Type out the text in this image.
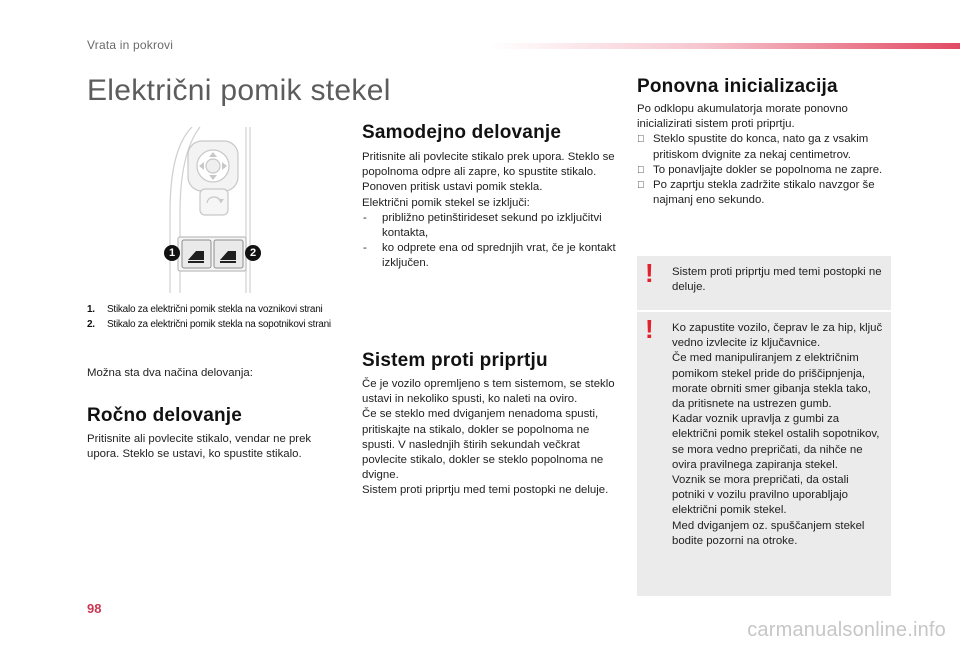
Vrata in pokrovi
Električni pomik stekel
1	2
1. Stikalo za električni pomik stekla na voznikovi strani
2. Stikalo za električni pomik stekla na sopotnikovi strani
Možna sta dva načina delovanja:
Ročno delovanje
Pritisnite ali povlecite stikalo, vendar ne prek upora. Steklo se ustavi, ko spustite stikalo.
Samodejno delovanje

Pritisnite ali povlecite stikalo prek upora. Steklo se popolnoma odpre ali zapre, ko spustite stikalo. Ponoven pritisk ustavi pomik stekla.

Električni pomik stekel se izključi:

- približno petinštirideset sekund po izključitvi kontakta,
- ko odprete ena od sprednjih vrat, če je kontakt izključen.
Sistem proti priprtju

Če je vozilo opremljeno s tem sistemom, se steklo ustavi in nekoliko spusti, ko naleti na oviro.

Če se steklo med dviganjem nenadoma spusti, pritiskajte na stikalo, dokler se popolnoma ne spusti. V naslednjih štirih sekundah večkrat povlecite stikalo, dokler se steklo popolnoma ne dvigne.

Sistem proti priprtju med temi postopki ne deluje.

Ponovna inicializacija

Po odklopu akumulatorja morate ponovno inicializirati sistem proti priprtju.

Steklo spustite do konca, nato ga z vsakim pritiskom dvignite za nekaj centimetrov.
To ponavljajte dokler se popolnoma ne zapre.
Po zaprtju stekla zadržite stikalo navzgor še najmanj eno sekundo.
! Sistem proti priprtju med temi postopki ne deluje.
! Ko zapustite vozilo, čeprav le za hip, ključ vedno izvlecite iz ključavnice.

Če med manipuliranjem z električnim pomikom stekel pride do priščipnjenja, morate obrniti smer gibanja stekla tako, da pritisnete na ustrezen gumb.

Kadar voznik upravlja z gumbi za električni pomik stekel ostalih sopotnikov, se mora vedno prepričati, da nihče ne ovira pravilnega zapiranja stekel.

Voznik se mora prepričati, da ostali potniki v vozilu pravilno uporabljajo električni pomik stekel.

Med dviganjem oz. spuščanjem stekel bodite pozorni na otroke.

98
carmanualsonline.info
